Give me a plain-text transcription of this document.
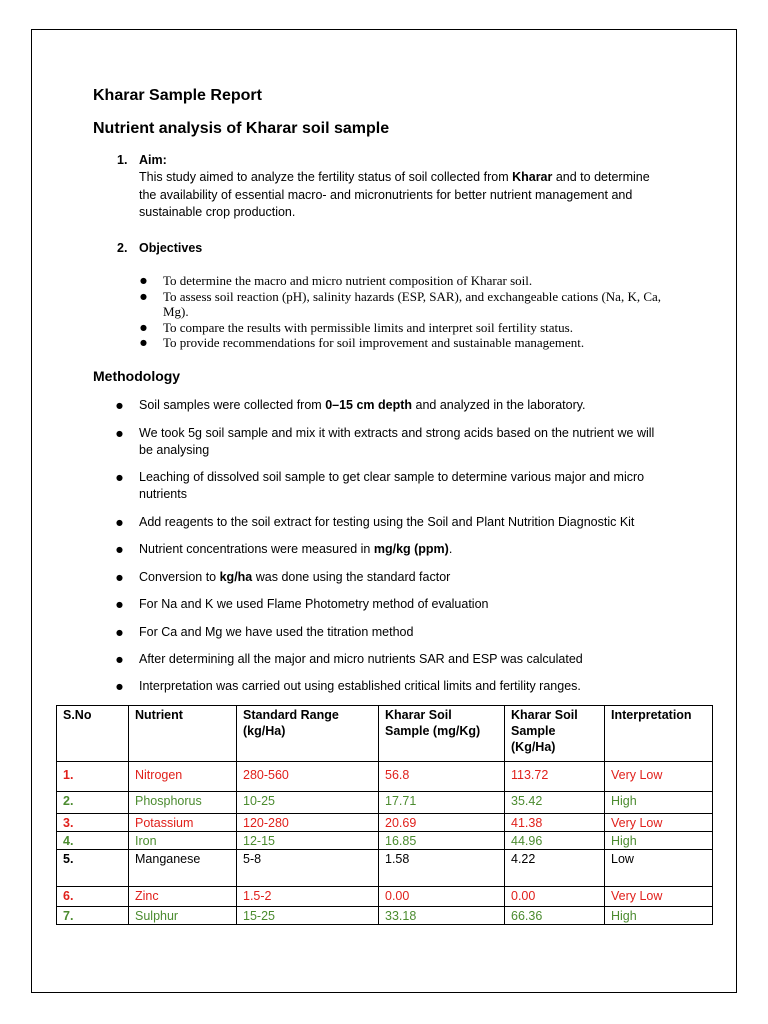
Kharar Sample Report
Nutrient analysis of Kharar soil sample
1. Aim:
This study aimed to analyze the fertility status of soil collected from Kharar and to determine the availability of essential macro- and micronutrients for better nutrient management and sustainable crop production.
2. Objectives
● To determine the macro and micro nutrient composition of Kharar soil.
● To assess soil reaction (pH), salinity hazards (ESP, SAR), and exchangeable cations (Na, K, Ca, Mg).
● To compare the results with permissible limits and interpret soil fertility status.
● To provide recommendations for soil improvement and sustainable management.
Methodology
● Soil samples were collected from 0–15 cm depth and analyzed in the laboratory.
● We took 5g soil sample and mix it with extracts and strong acids based on the nutrient we will be analysing
● Leaching of dissolved soil sample to get clear sample to determine various major and micro nutrients
● Add reagents to the soil extract for testing using the Soil and Plant Nutrition Diagnostic Kit
● Nutrient concentrations were measured in mg/kg (ppm).
● Conversion to kg/ha was done using the standard factor
● For Na and K we used Flame Photometry method of evaluation
● For Ca and Mg we have used the titration method
● After determining all the major and micro nutrients SAR and ESP was calculated
● Interpretation was carried out using established critical limits and fertility ranges.
S.No	Nutrient	Standard Range (kg/Ha)	Kharar Soil Sample (mg/Kg)	Kharar Soil Sample (Kg/Ha)	Interpretation
1.	Nitrogen	280-560	56.8	113.72	Very Low
2.	Phosphorus	10-25	17.71	35.42	High
3.	Potassium	120-280	20.69	41.38	Very Low
4.	Iron	12-15	16.85	44.96	High
5.	Manganese	5-8	1.58	4.22	Low
6.	Zinc	1.5-2	0.00	0.00	Very Low
7.	Sulphur	15-25	33.18	66.36	High
